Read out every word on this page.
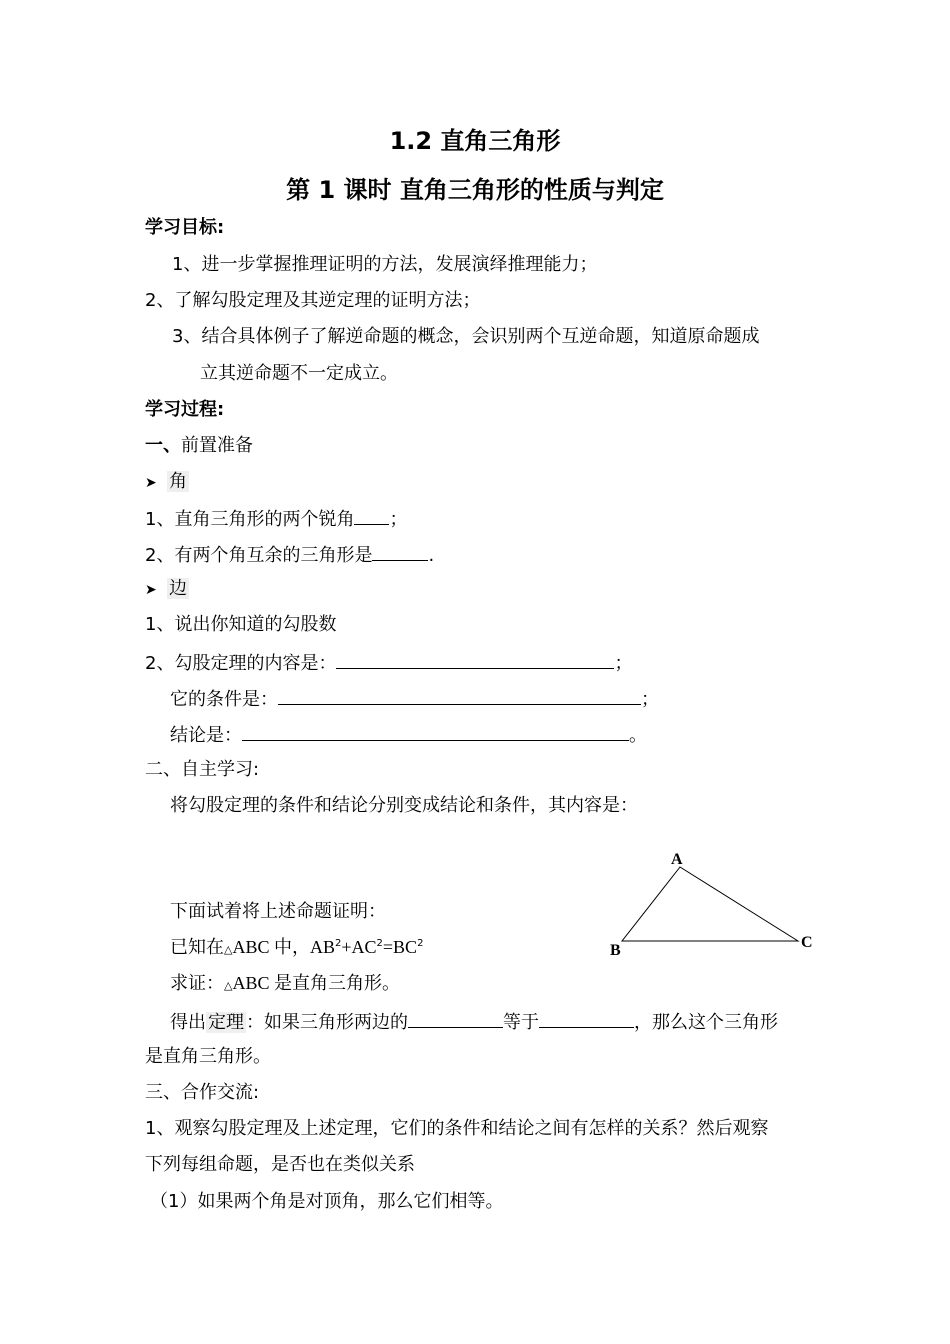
1.2 直角三角形
第 1 课时 直角三角形的性质与判定
学习目标:
1、进一步掌握推理证明的方法，发展演绎推理能力；
2、了解勾股定理及其逆定理的证明方法；
3、结合具体例子了解逆命题的概念，会识别两个互逆命题，知道原命题成
立其逆命题不一定成立。
学习过程:
一、前置准备
➤ 角
1、直角三角形的两个锐角 ；
2、有两个角互余的三角形是	.
➤ 边
1、说出你知道的勾股数
2、勾股定理的内容是：	；
它的条件是：	；
结论是：	。
二、自主学习:
将勾股定理的条件和结论分别变成结论和条件，其内容是：
下面试着将上述命题证明：
已知在△ABC 中，$AB^2+AC^2=BC^2$
求证：△ABC 是直角三角形。
得出 定理 ：如果三角形两边的	等于	，那么这个三角形
是直角三角形。
三、合作交流:
1、观察勾股定理及上述定理，它们的条件和结论之间有怎样的关系？然后观察
下列每组命题，是否也在类似关系
（1）如果两个角是对顶角，那么它们相等。
A
B	C
